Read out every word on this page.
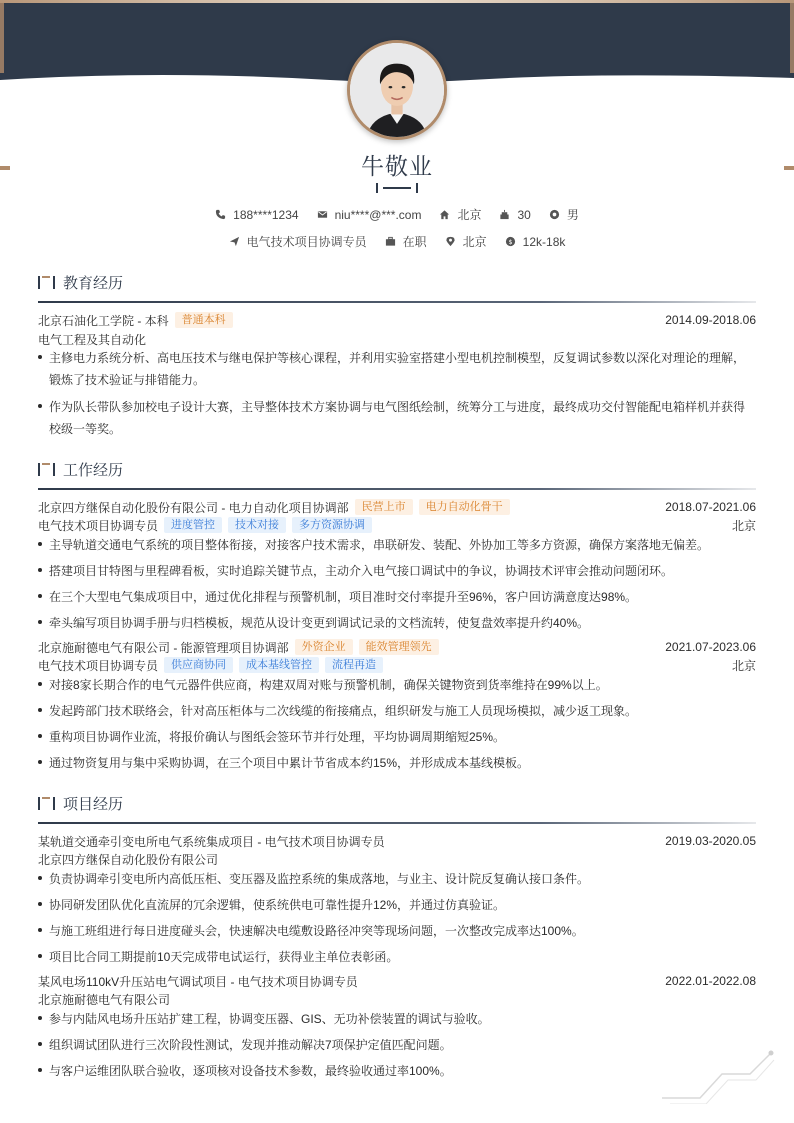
牛敬业
188****1234	niu****@***.com	北京	30	男
电气技术项目协调专员	在职	北京	$ 12k-18k
教育经历
北京石油化工学院 - 本科	普通本科	2014.09-2018.06
电气工程及其自动化
主修电力系统分析、高电压技术与继电保护等核心课程，并利用实验室搭建小型电机控制模型，反复调试参数以深化对理论的理解，锻炼了技术验证与排错能力。
作为队长带队参加校电子设计大赛，主导整体技术方案协调与电气图纸绘制，统筹分工与进度，最终成功交付智能配电箱样机并获得校级一等奖。
工作经历
北京四方继保自动化股份有限公司 - 电力自动化项目协调部	民营上市	电力自动化骨干	2018.07-2021.06
电气技术项目协调专员	进度管控	技术对接	多方资源协调	北京
主导轨道交通电气系统的项目整体衔接，对接客户技术需求，串联研发、装配、外协加工等多方资源，确保方案落地无偏差。
搭建项目甘特图与里程碑看板，实时追踪关键节点，主动介入电气接口调试中的争议，协调技术评审会推动问题闭环。
在三个大型电气集成项目中，通过优化排程与预警机制，项目准时交付率提升至96%，客户回访满意度达98%。
牵头编写项目协调手册与归档模板，规范从设计变更到调试记录的文档流转，使复盘效率提升约40%。
北京施耐德电气有限公司 - 能源管理项目协调部	外资企业	能效管理领先	2021.07-2023.06
电气技术项目协调专员	供应商协同	成本基线管控	流程再造	北京
对接8家长期合作的电气元器件供应商，构建双周对账与预警机制，确保关键物资到货率维持在99%以上。
发起跨部门技术联络会，针对高压柜体与二次线缆的衔接痛点，组织研发与施工人员现场模拟，减少返工现象。
重构项目协调作业流，将报价确认与图纸会签环节并行处理，平均协调周期缩短25%。
通过物资复用与集中采购协调，在三个项目中累计节省成本约15%，并形成成本基线模板。
项目经历
某轨道交通牵引变电所电气系统集成项目 - 电气技术项目协调专员	2019.03-2020.05
北京四方继保自动化股份有限公司
负责协调牵引变电所内高低压柜、变压器及监控系统的集成落地，与业主、设计院反复确认接口条件。
协同研发团队优化直流屏的冗余逻辑，使系统供电可靠性提升12%，并通过仿真验证。
与施工班组进行每日进度碰头会，快速解决电缆敷设路径冲突等现场问题，一次整改完成率达100%。
项目比合同工期提前10天完成带电试运行，获得业主单位表彰函。
某风电场110kV升压站电气调试项目 - 电气技术项目协调专员	2022.01-2022.08
北京施耐德电气有限公司
参与内陆风电场升压站扩建工程，协调变压器、GIS、无功补偿装置的调试与验收。
组织调试团队进行三次阶段性测试，发现并推动解决7项保护定值匹配问题。
与客户运维团队联合验收，逐项核对设备技术参数，最终验收通过率100%。
